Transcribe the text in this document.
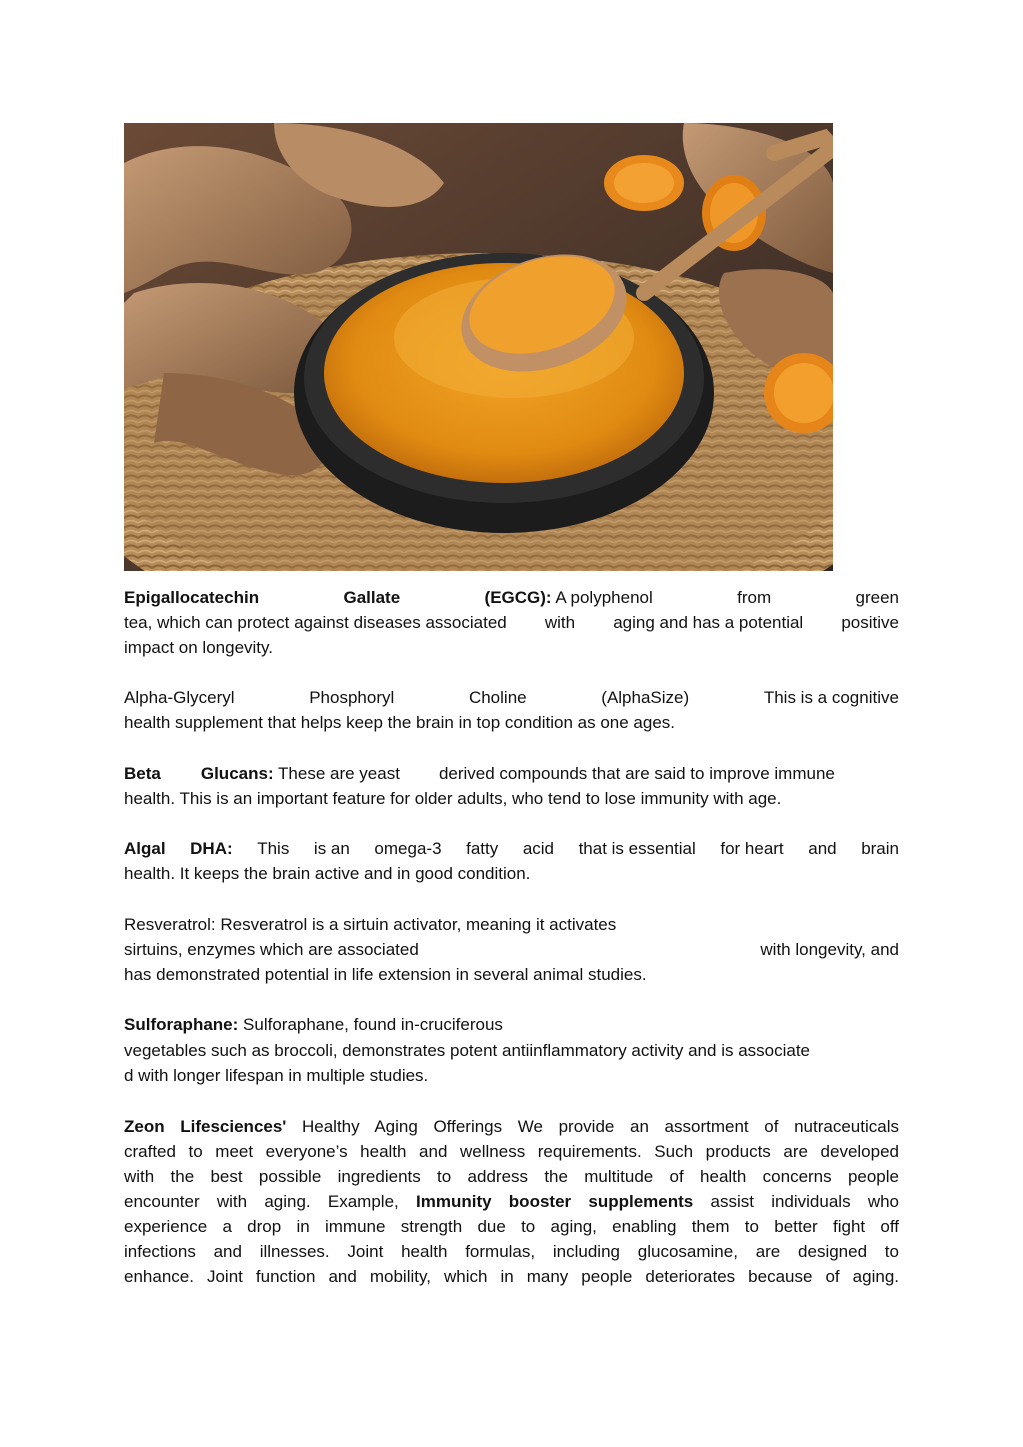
Epigallocatechin	Gallate	(EGCG): A polyphenol	from	green
tea, which can protect against diseases associated with aging and has a potential positive
impact on longevity.
Alpha-Glyceryl	Phosphoryl	Choline	(AlphaSize)	This is a cognitive
health supplement that helps keep the brain in top condition as one ages.
Beta Glucans: These are yeast derived compounds that are said to improve immune
health. This is an important feature for older adults, who tend to lose immunity with age.
Algal DHA: This is an omega-3 fatty acid that is essential for heart and brain
health. It keeps the brain active and in good condition.
Resveratrol: Resveratrol is a sirtuin activator, meaning it activates
sirtuins, enzymes which are associated	with longevity, and
has demonstrated potential in life extension in several animal studies.
Sulforaphane: Sulforaphane, found in-cruciferous
vegetables such as broccoli, demonstrates potent antiinflammatory activity and is associate
d with longer lifespan in multiple studies.
Zeon Lifesciences' Healthy Aging Offerings We provide an assortment of nutraceuticals
crafted to meet everyone’s health and wellness requirements. Such products are developed
with the best possible ingredients to address the multitude of health concerns people
encounter with aging. Example, Immunity booster supplements assist individuals who
experience a drop in immune strength due to aging, enabling them to better fight off
infections and illnesses. Joint health formulas, including glucosamine, are designed to
enhance. Joint function and mobility, which in many people deteriorates because of aging.
